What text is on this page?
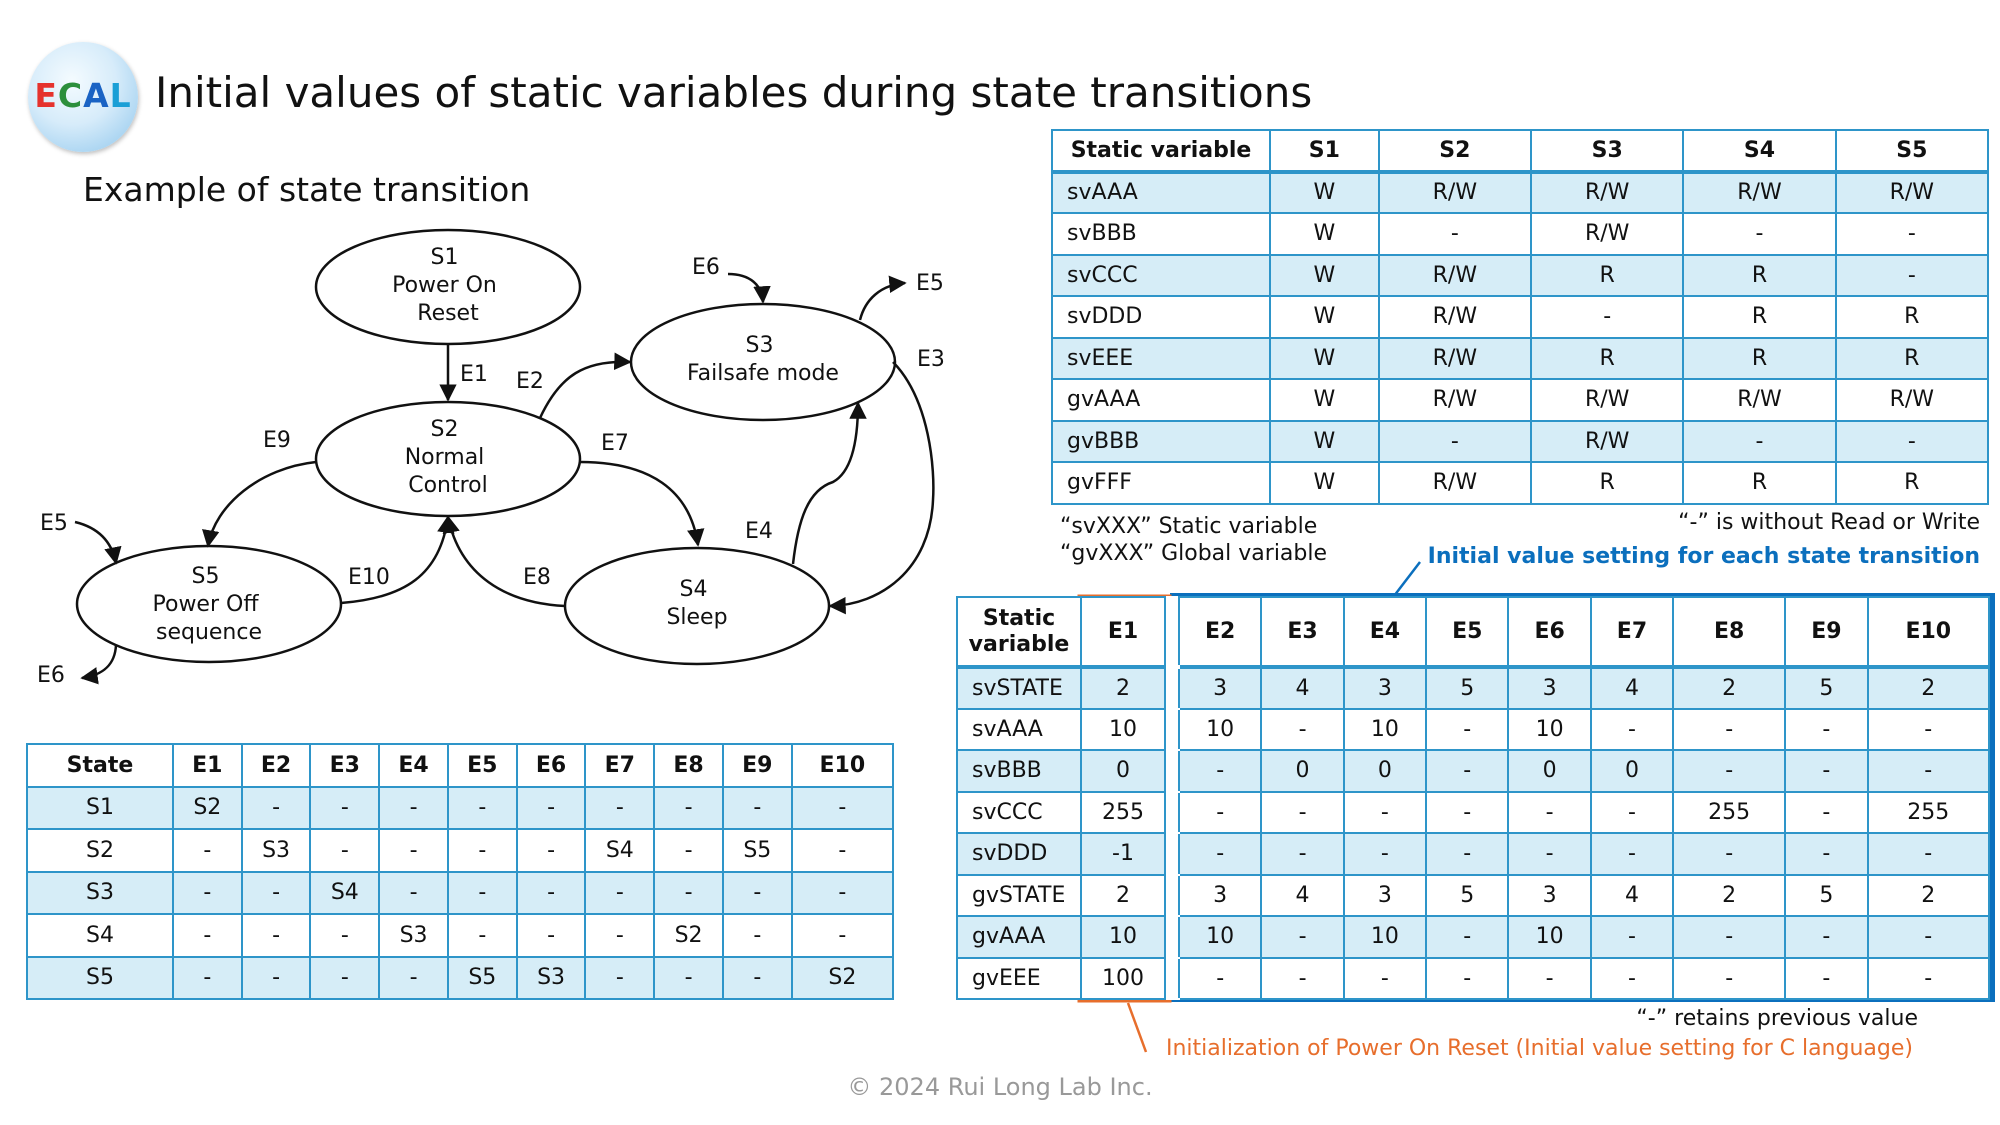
ECAL Initial values of static variables during state transitions
Example of state transition
S1 Power On Reset
S2 Normal Control
S3 Failsafe mode
S4 Sleep
S5 Power Off sequence
E1 E2
E3
E4
E5
E5
E6
E6
E7
E8
E9
E10
State	E1	E2	E3	E4	E5	E6	E7	E8	E9	E10
S1	S2	-	-	-	-	-	-	-	-	-
S2	-	S3	-	-	-	-	S4	-	S5	-
S3	-	-	S4	-	-	-	-	-	-	-
S4	-	-	-	S3	-	-	-	S2	-	-
S5	-	-	-	-	S5	S3	-	-	-	S2
Static variable	S1	S2	S3	S4	S5
svAAA	W	R/W	R/W	R/W	R/W
svBBB	W	-	R/W	-	-
svCCC	W	R/W	R	R	-
svDDD	W	R/W	-	R	R
svEEE	W	R/W	R	R	R
gvAAA	W	R/W	R/W	R/W	R/W
gvBBB	W	-	R/W	-	-
gvFFF	W	R/W	R	R	R
“svXXX” Static variable
“gvXXX” Global variable
“-” is without Read or Write
Initial value setting for each state transition
Static
variable	E1		E2	E3	E4	E5	E6	E7	E8	E9	E10
svSTATE	2		3	4	3	5	3	4	2	5	2
svAAA	10		10	-	10	-	10	-	-	-	-
svBBB	0		-	0	0	-	0	0	-	-	-
svCCC	255		-	-	-	-	-	-	255	-	255
svDDD	-1		-	-	-	-	-	-	-	-	-
gvSTATE	2		3	4	3	5	3	4	2	5	2
gvAAA	10		10	-	10	-	10	-	-	-	-
gvEEE	100		-	-	-	-	-	-	-	-	-
“-” retains previous value
Initialization of Power On Reset (Initial value setting for C language)
© 2024 Rui Long Lab Inc.
